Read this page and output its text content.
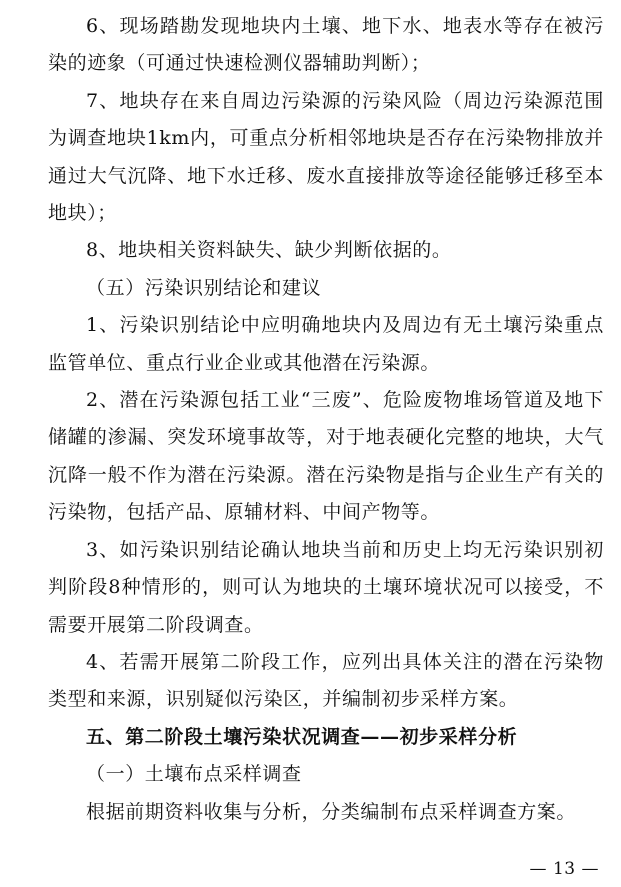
6、现场踏勘发现地块内土壤、地下水、地表水等存在被污染的迹象（可通过快速检测仪器辅助判断）；

7、地块存在来自周边污染源的污染风险（周边污染源范围为调查地块1km内，可重点分析相邻地块是否存在污染物排放并通过大气沉降、地下水迁移、废水直接排放等途径能够迁移至本地块）；

8、地块相关资料缺失、缺少判断依据的。

（五）污染识别结论和建议

1、污染识别结论中应明确地块内及周边有无土壤污染重点监管单位、重点行业企业或其他潜在污染源。

2、潜在污染源包括工业“三废”、危险废物堆场管道及地下储罐的渗漏、突发环境事故等，对于地表硬化完整的地块，大气沉降一般不作为潜在污染源。潜在污染物是指与企业生产有关的污染物，包括产品、原辅材料、中间产物等。

3、如污染识别结论确认地块当前和历史上均无污染识别初判阶段8种情形的，则可认为地块的土壤环境状况可以接受，不需要开展第二阶段调查。

4、若需开展第二阶段工作，应列出具体关注的潜在污染物类型和来源，识别疑似污染区，并编制初步采样方案。

五、第二阶段土壤污染状况调查——初步采样分析

（一）土壤布点采样调查

根据前期资料收集与分析，分类编制布点采样调查方案。

— 13 —
